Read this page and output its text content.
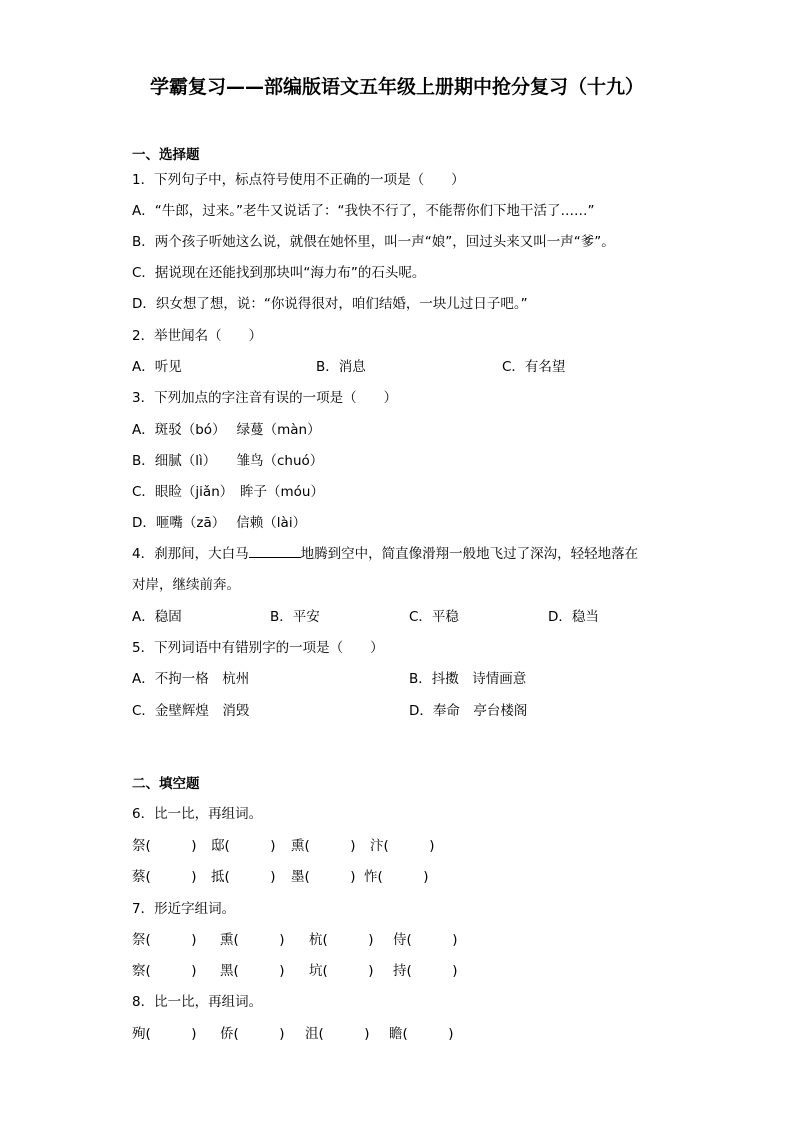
学霸复习——部编版语文五年级上册期中抢分复习（十九）
一、选择题
1．下列句子中，标点符号使用不正确的一项是（　　）
A．“牛郎，过来。”老牛又说话了：“我快不行了，不能帮你们下地干活了……”
B．两个孩子听她这么说，就偎在她怀里，叫一声“娘”，回过头来又叫一声“爹”。
C．据说现在还能找到那块叫“海力布”的石头呢。
D．织女想了想，说：“你说得很对，咱们结婚，一块儿过日子吧。”
2．举世闻名（　　）
A．听见	B．消息	C．有名望
3．下列加点的字注音有误的一项是（　　）
A．斑驳（bó）　 绿蔓（màn）
B．细腻（lì）　　雏鸟（chuó）
C．眼睑（jiǎn）　眸子（móu）
D．咂嘴（zā）　 信赖（lài）
4．刹那间，大白马	地腾到空中，简直像滑翔一般地飞过了深沟，轻轻地落在
对岸，继续前奔。
A．稳固	B．平安	C．平稳	D．稳当
5．下列词语中有错别字的一项是（　　）
A．不拘一格　杭州	B．抖擞　诗情画意
C．金壁辉煌　消毁	D．奉命　亭台楼阁
二、填空题
6．比一比，再组词。
祭(　　　) 邸(　　　) 熏(　　　) 汴(　　　)
蔡(　　　) 抵(　　　) 墨(　　　) 怍(　　　)
7．形近字组词。
祭(　　　) 熏(　　　) 杭(　　　) 侍(　　　)
察(　　　) 黑(　　　) 坑(　　　) 持(　　　)
8．比一比，再组词。
殉(　　　) 侨(　　　) 沮(　　　) 瞻(　　　)
